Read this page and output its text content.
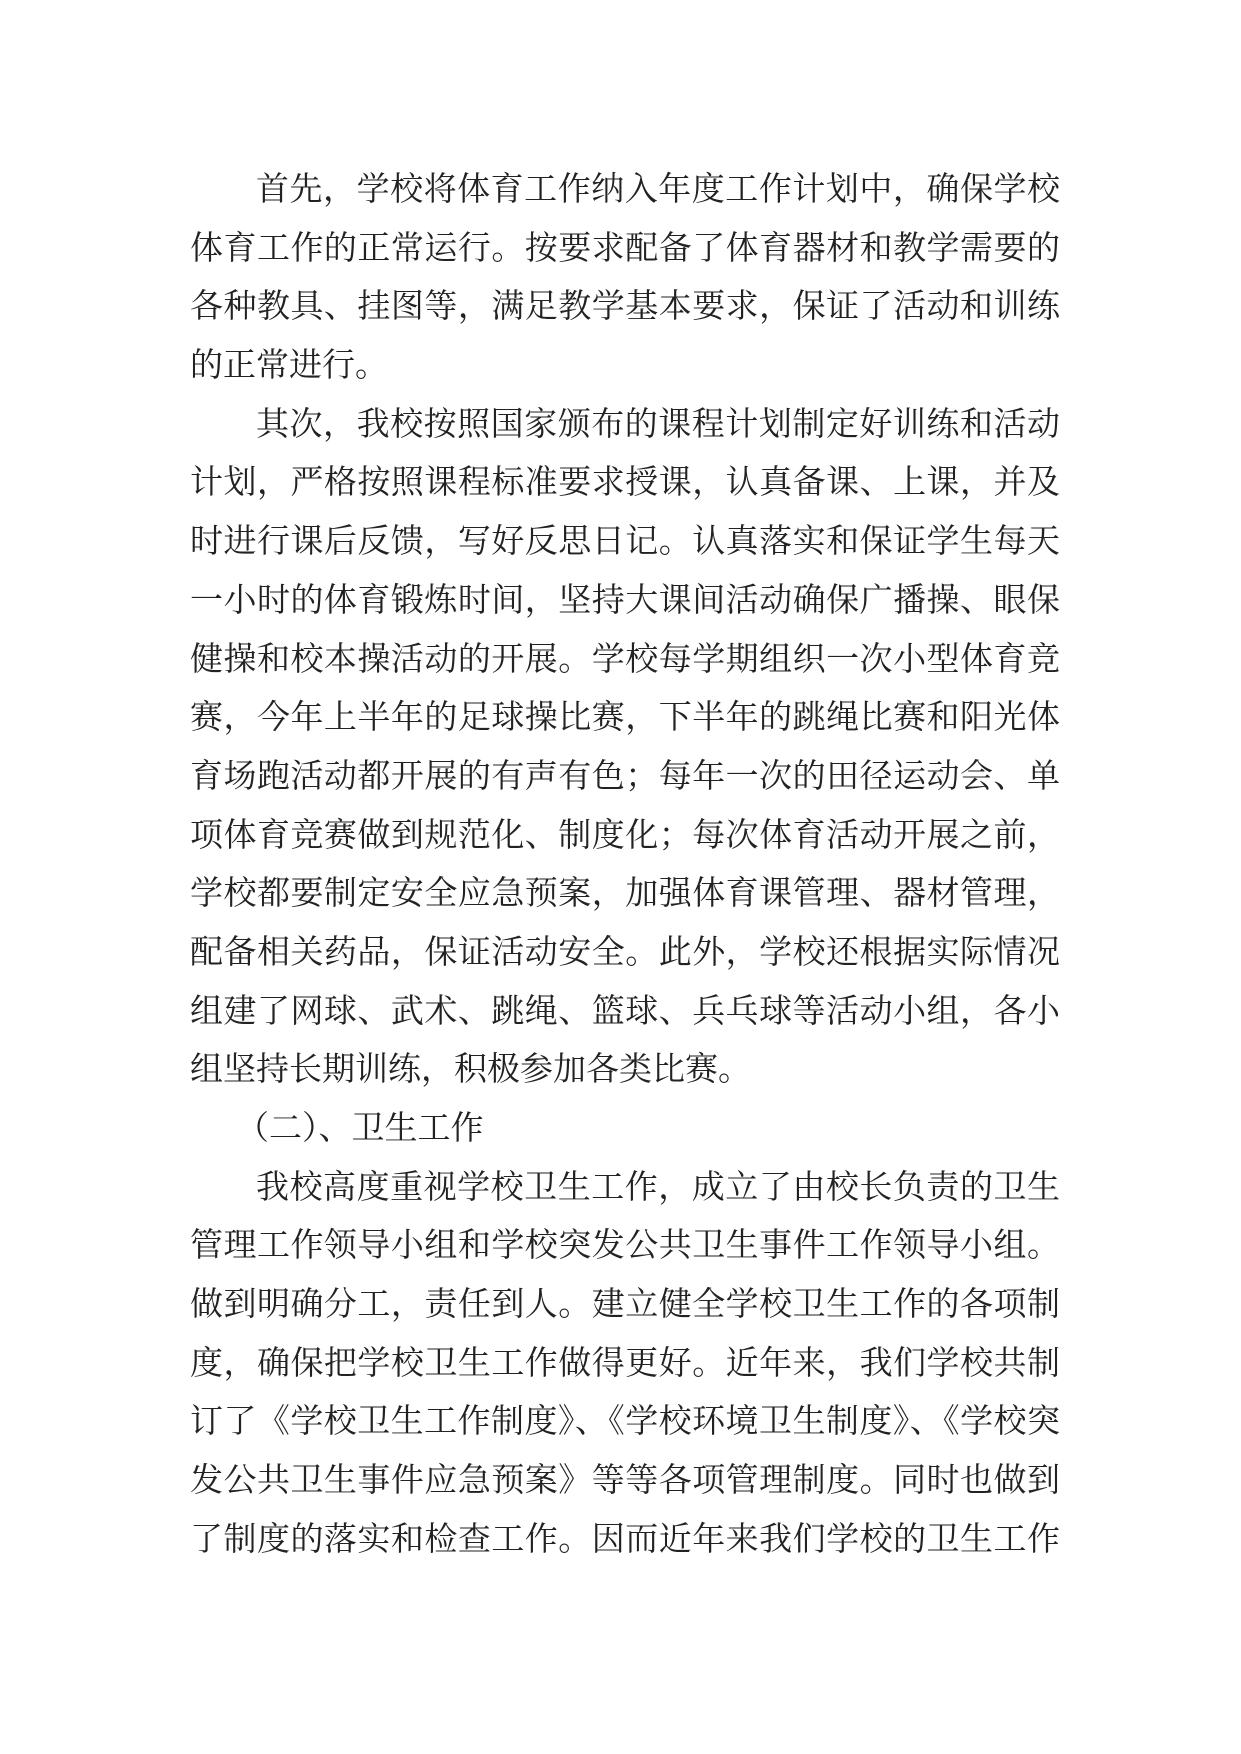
首先，学校将体育工作纳入年度工作计划中，确保学校
体育工作的正常运行。按要求配备了体育器材和教学需要的
各种教具、挂图等，满足教学基本要求，保证了活动和训练
的正常进行。
其次，我校按照国家颁布的课程计划制定好训练和活动
计划，严格按照课程标准要求授课，认真备课、上课，并及
时进行课后反馈，写好反思日记。认真落实和保证学生每天
一小时的体育锻炼时间，坚持大课间活动确保广播操、眼保
健操和校本操活动的开展。学校每学期组织一次小型体育竞
赛，今年上半年的足球操比赛，下半年的跳绳比赛和阳光体
育场跑活动都开展的有声有色；每年一次的田径运动会、单
项体育竞赛做到规范化、制度化；每次体育活动开展之前，
学校都要制定安全应急预案，加强体育课管理、器材管理，
配备相关药品，保证活动安全。此外，学校还根据实际情况
组建了网球、武术、跳绳、篮球、兵乓球等活动小组，各小
组坚持长期训练，积极参加各类比赛。
（二）、卫生工作
我校高度重视学校卫生工作，成立了由校长负责的卫生
管理工作领导小组和学校突发公共卫生事件工作领导小组。
做到明确分工，责任到人。建立健全学校卫生工作的各项制
度，确保把学校卫生工作做得更好。近年来，我们学校共制
订了《学校卫生工作制度》、《学校环境卫生制度》、《学校突
发公共卫生事件应急预案》等等各项管理制度。同时也做到
了制度的落实和检查工作。因而近年来我们学校的卫生工作
